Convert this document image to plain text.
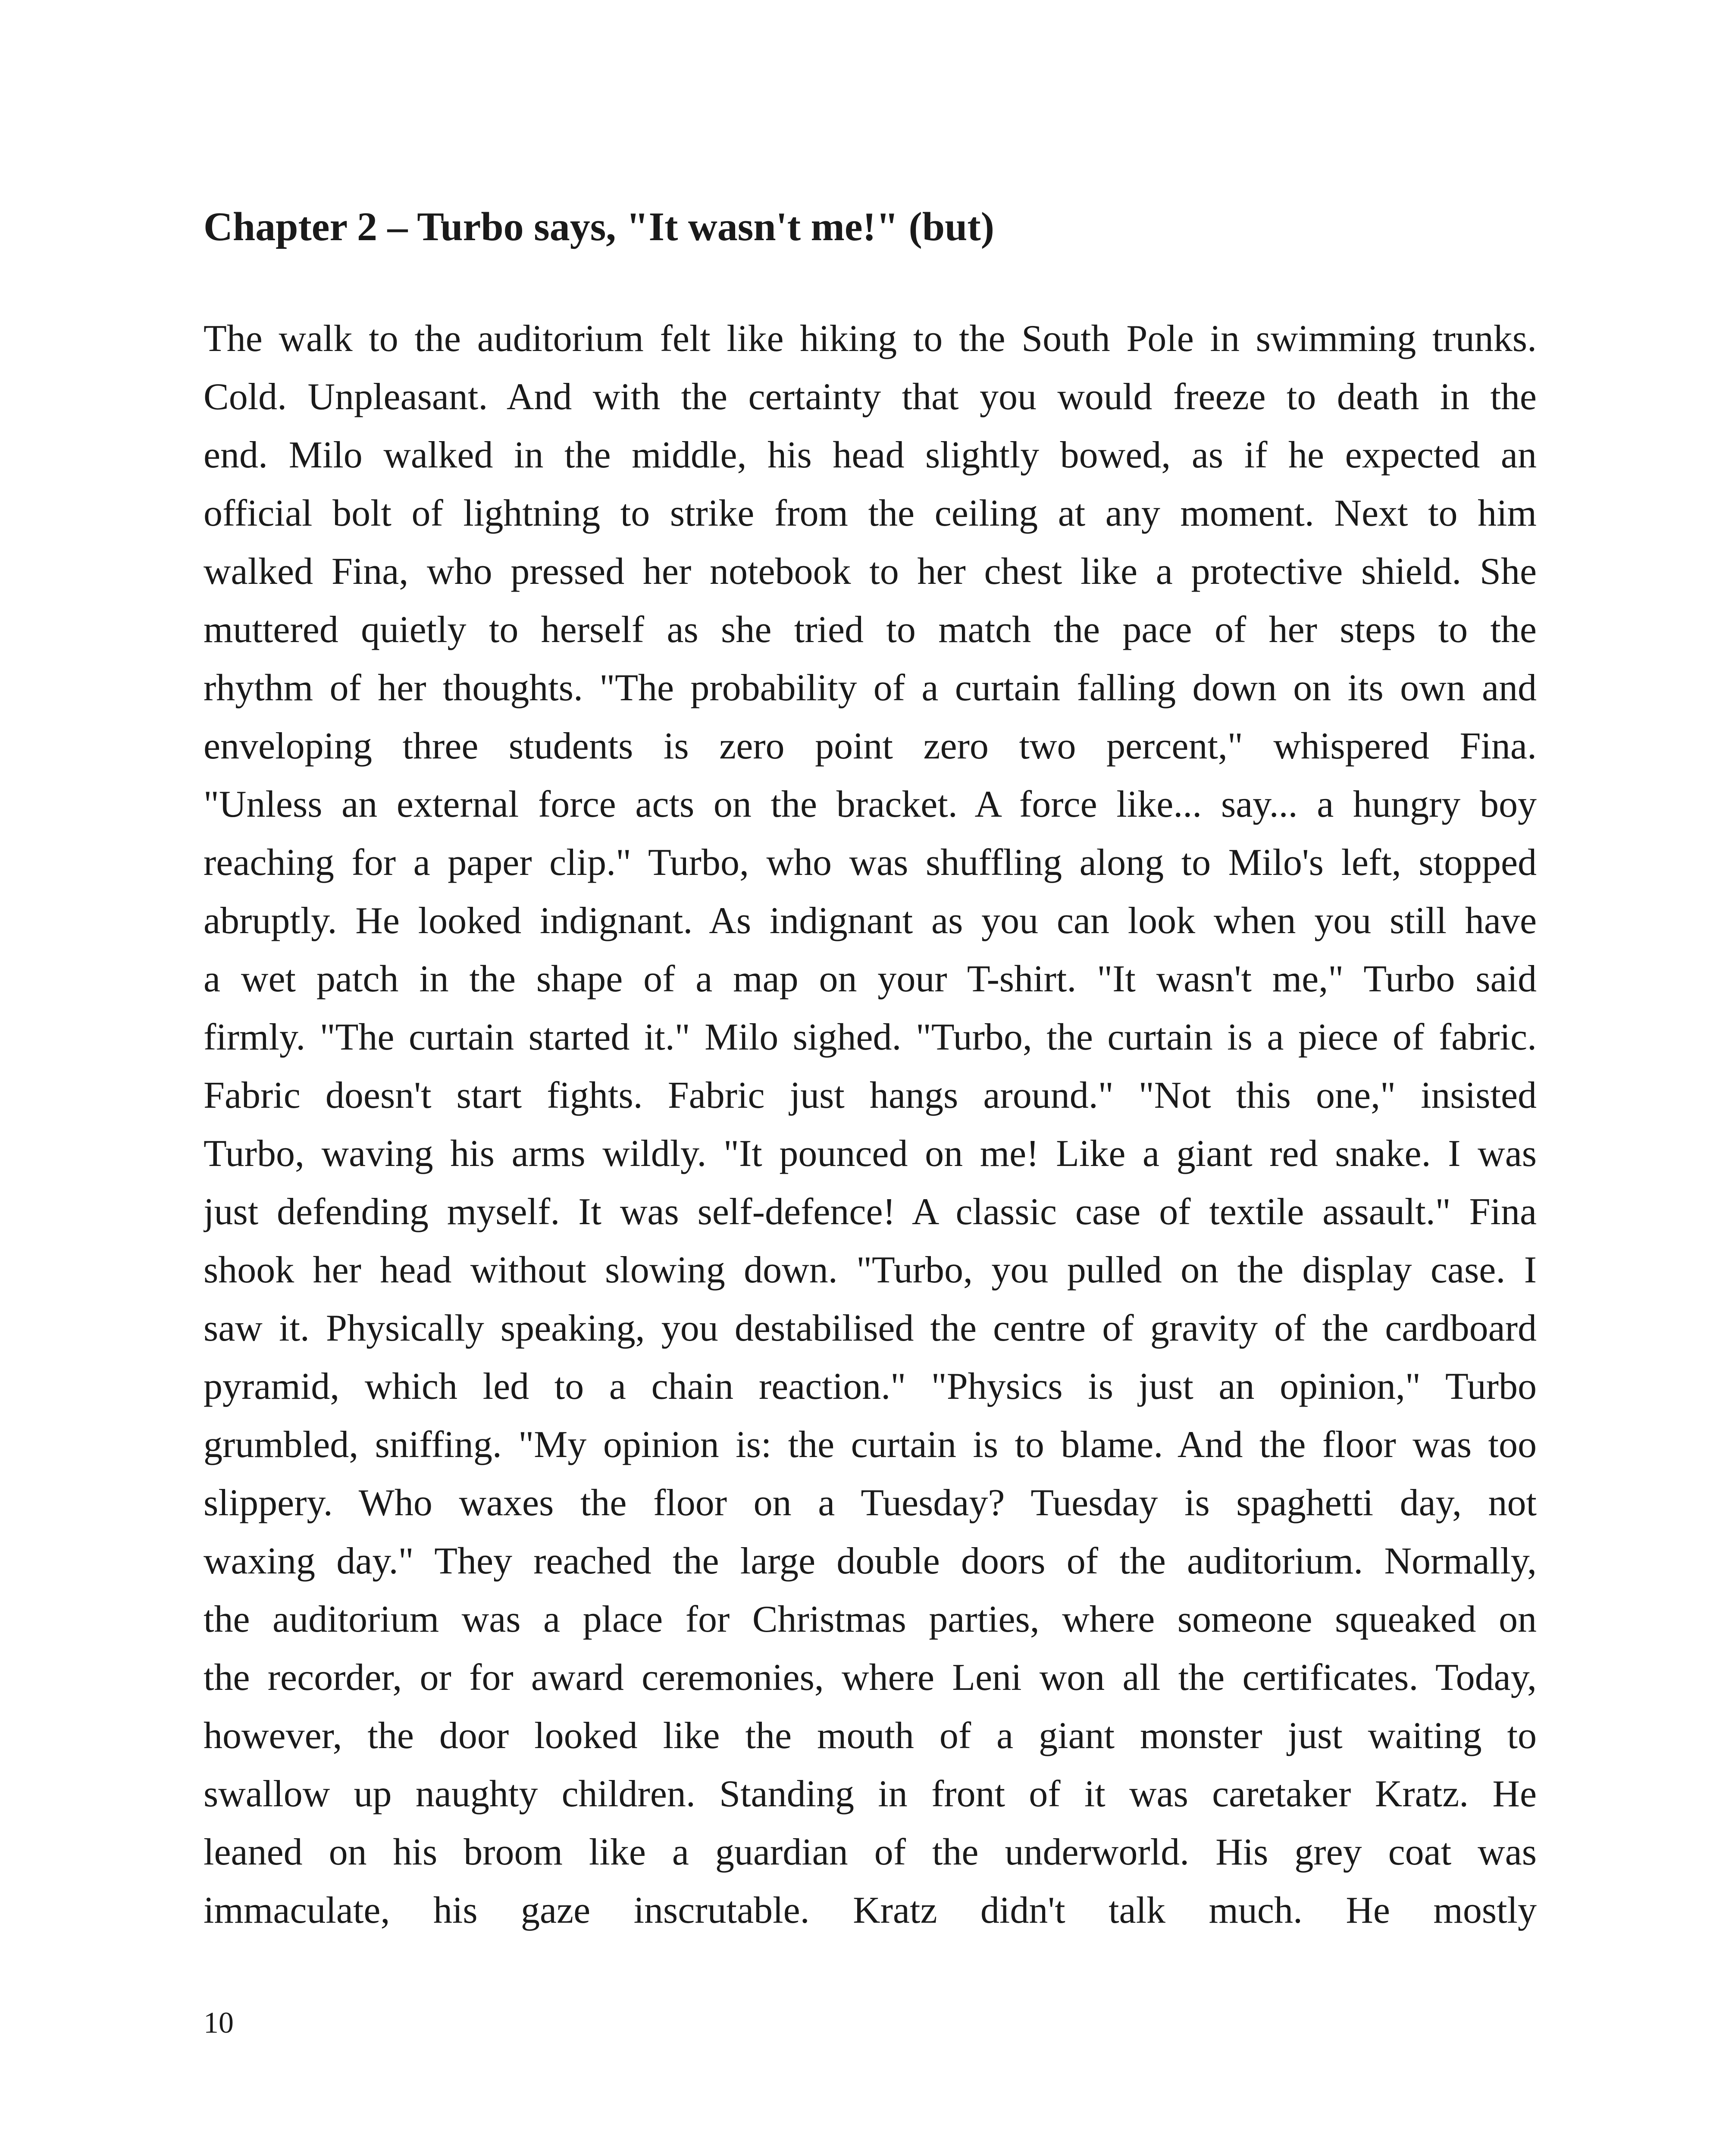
Chapter 2 – Turbo says, "It wasn't me!" (but)
The walk to the auditorium felt like hiking to the South Pole in swimming trunks.
Cold. Unpleasant. And with the certainty that you would freeze to death in the
end. Milo walked in the middle, his head slightly bowed, as if he expected an
official bolt of lightning to strike from the ceiling at any moment. Next to him
walked Fina, who pressed her notebook to her chest like a protective shield. She
muttered quietly to herself as she tried to match the pace of her steps to the
rhythm of her thoughts. "The probability of a curtain falling down on its own and
enveloping three students is zero point zero two percent," whispered Fina.
"Unless an external force acts on the bracket. A force like... say... a hungry boy
reaching for a paper clip." Turbo, who was shuffling along to Milo's left, stopped
abruptly. He looked indignant. As indignant as you can look when you still have
a wet patch in the shape of a map on your T-shirt. "It wasn't me," Turbo said
firmly. "The curtain started it." Milo sighed. "Turbo, the curtain is a piece of fabric.
Fabric doesn't start fights. Fabric just hangs around." "Not this one," insisted
Turbo, waving his arms wildly. "It pounced on me! Like a giant red snake. I was
just defending myself. It was self-defence! A classic case of textile assault." Fina
shook her head without slowing down. "Turbo, you pulled on the display case. I
saw it. Physically speaking, you destabilised the centre of gravity of the cardboard
pyramid, which led to a chain reaction." "Physics is just an opinion," Turbo
grumbled, sniffing. "My opinion is: the curtain is to blame. And the floor was too
slippery. Who waxes the floor on a Tuesday? Tuesday is spaghetti day, not
waxing day." They reached the large double doors of the auditorium. Normally,
the auditorium was a place for Christmas parties, where someone squeaked on
the recorder, or for award ceremonies, where Leni won all the certificates. Today,
however, the door looked like the mouth of a giant monster just waiting to
swallow up naughty children. Standing in front of it was caretaker Kratz. He
leaned on his broom like a guardian of the underworld. His grey coat was
immaculate, his gaze inscrutable. Kratz didn't talk much. He mostly
10
